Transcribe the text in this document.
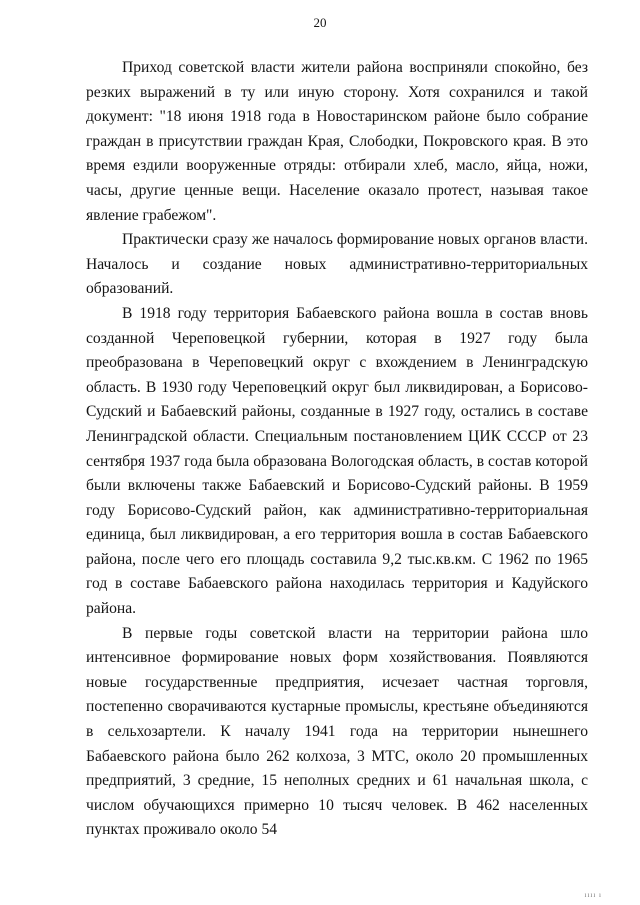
20

Приход советской власти жители района восприняли спокойно, без резких выражений в ту или иную сторону. Хотя сохранился и такой документ: "18 июня 1918 года в Новостаринском районе было собрание граждан в присутствии граждан Края, Слободки, Покровского края. В это время ездили вооруженные отряды: отбирали хлеб, масло, яйца, ножи, часы, другие ценные вещи. Население оказало протест, называя такое явление грабежом".

Практически сразу же началось формирование новых органов власти. Началось и создание новых административно-территориальных образований.

В 1918 году территория Бабаевского района вошла в состав вновь созданной Череповецкой губернии, которая в 1927 году была преобразована в Череповецкий округ с вхождением в Ленинградскую область. В 1930 году Череповецкий округ был ликвидирован, а Борисово-Судский и Бабаевский районы, созданные в 1927 году, остались в составе Ленинградской области. Специальным постановлением ЦИК СССР от 23 сентября 1937 года была образована Вологодская область, в состав которой были включены также Бабаевский и Борисово-Судский районы. В 1959 году Борисово-Судский район, как административно-территориальная единица, был ликвидирован, а его территория вошла в состав Бабаевского района, после чего его площадь составила 9,2 тыс.кв.км. С 1962 по 1965 год в составе Бабаевского района находилась территория и Кадуйского района.

В первые годы советской власти на территории района шло интенсивное формирование новых форм хозяйствования. Появляются новые государственные предприятия, исчезает частная торговля, постепенно сворачиваются кустарные промыслы, крестьяне объединяются в сельхозартели. К началу 1941 года на территории нынешнего Бабаевского района было 262 колхоза, 3 МТС, около 20 промышленных предприятий, 3 средние, 15 неполных средних и 61 начальная школа, с числом обучающихся примерно 10 тысяч человек. В 462 населенных пунктах проживало около 54

ıııı ı
